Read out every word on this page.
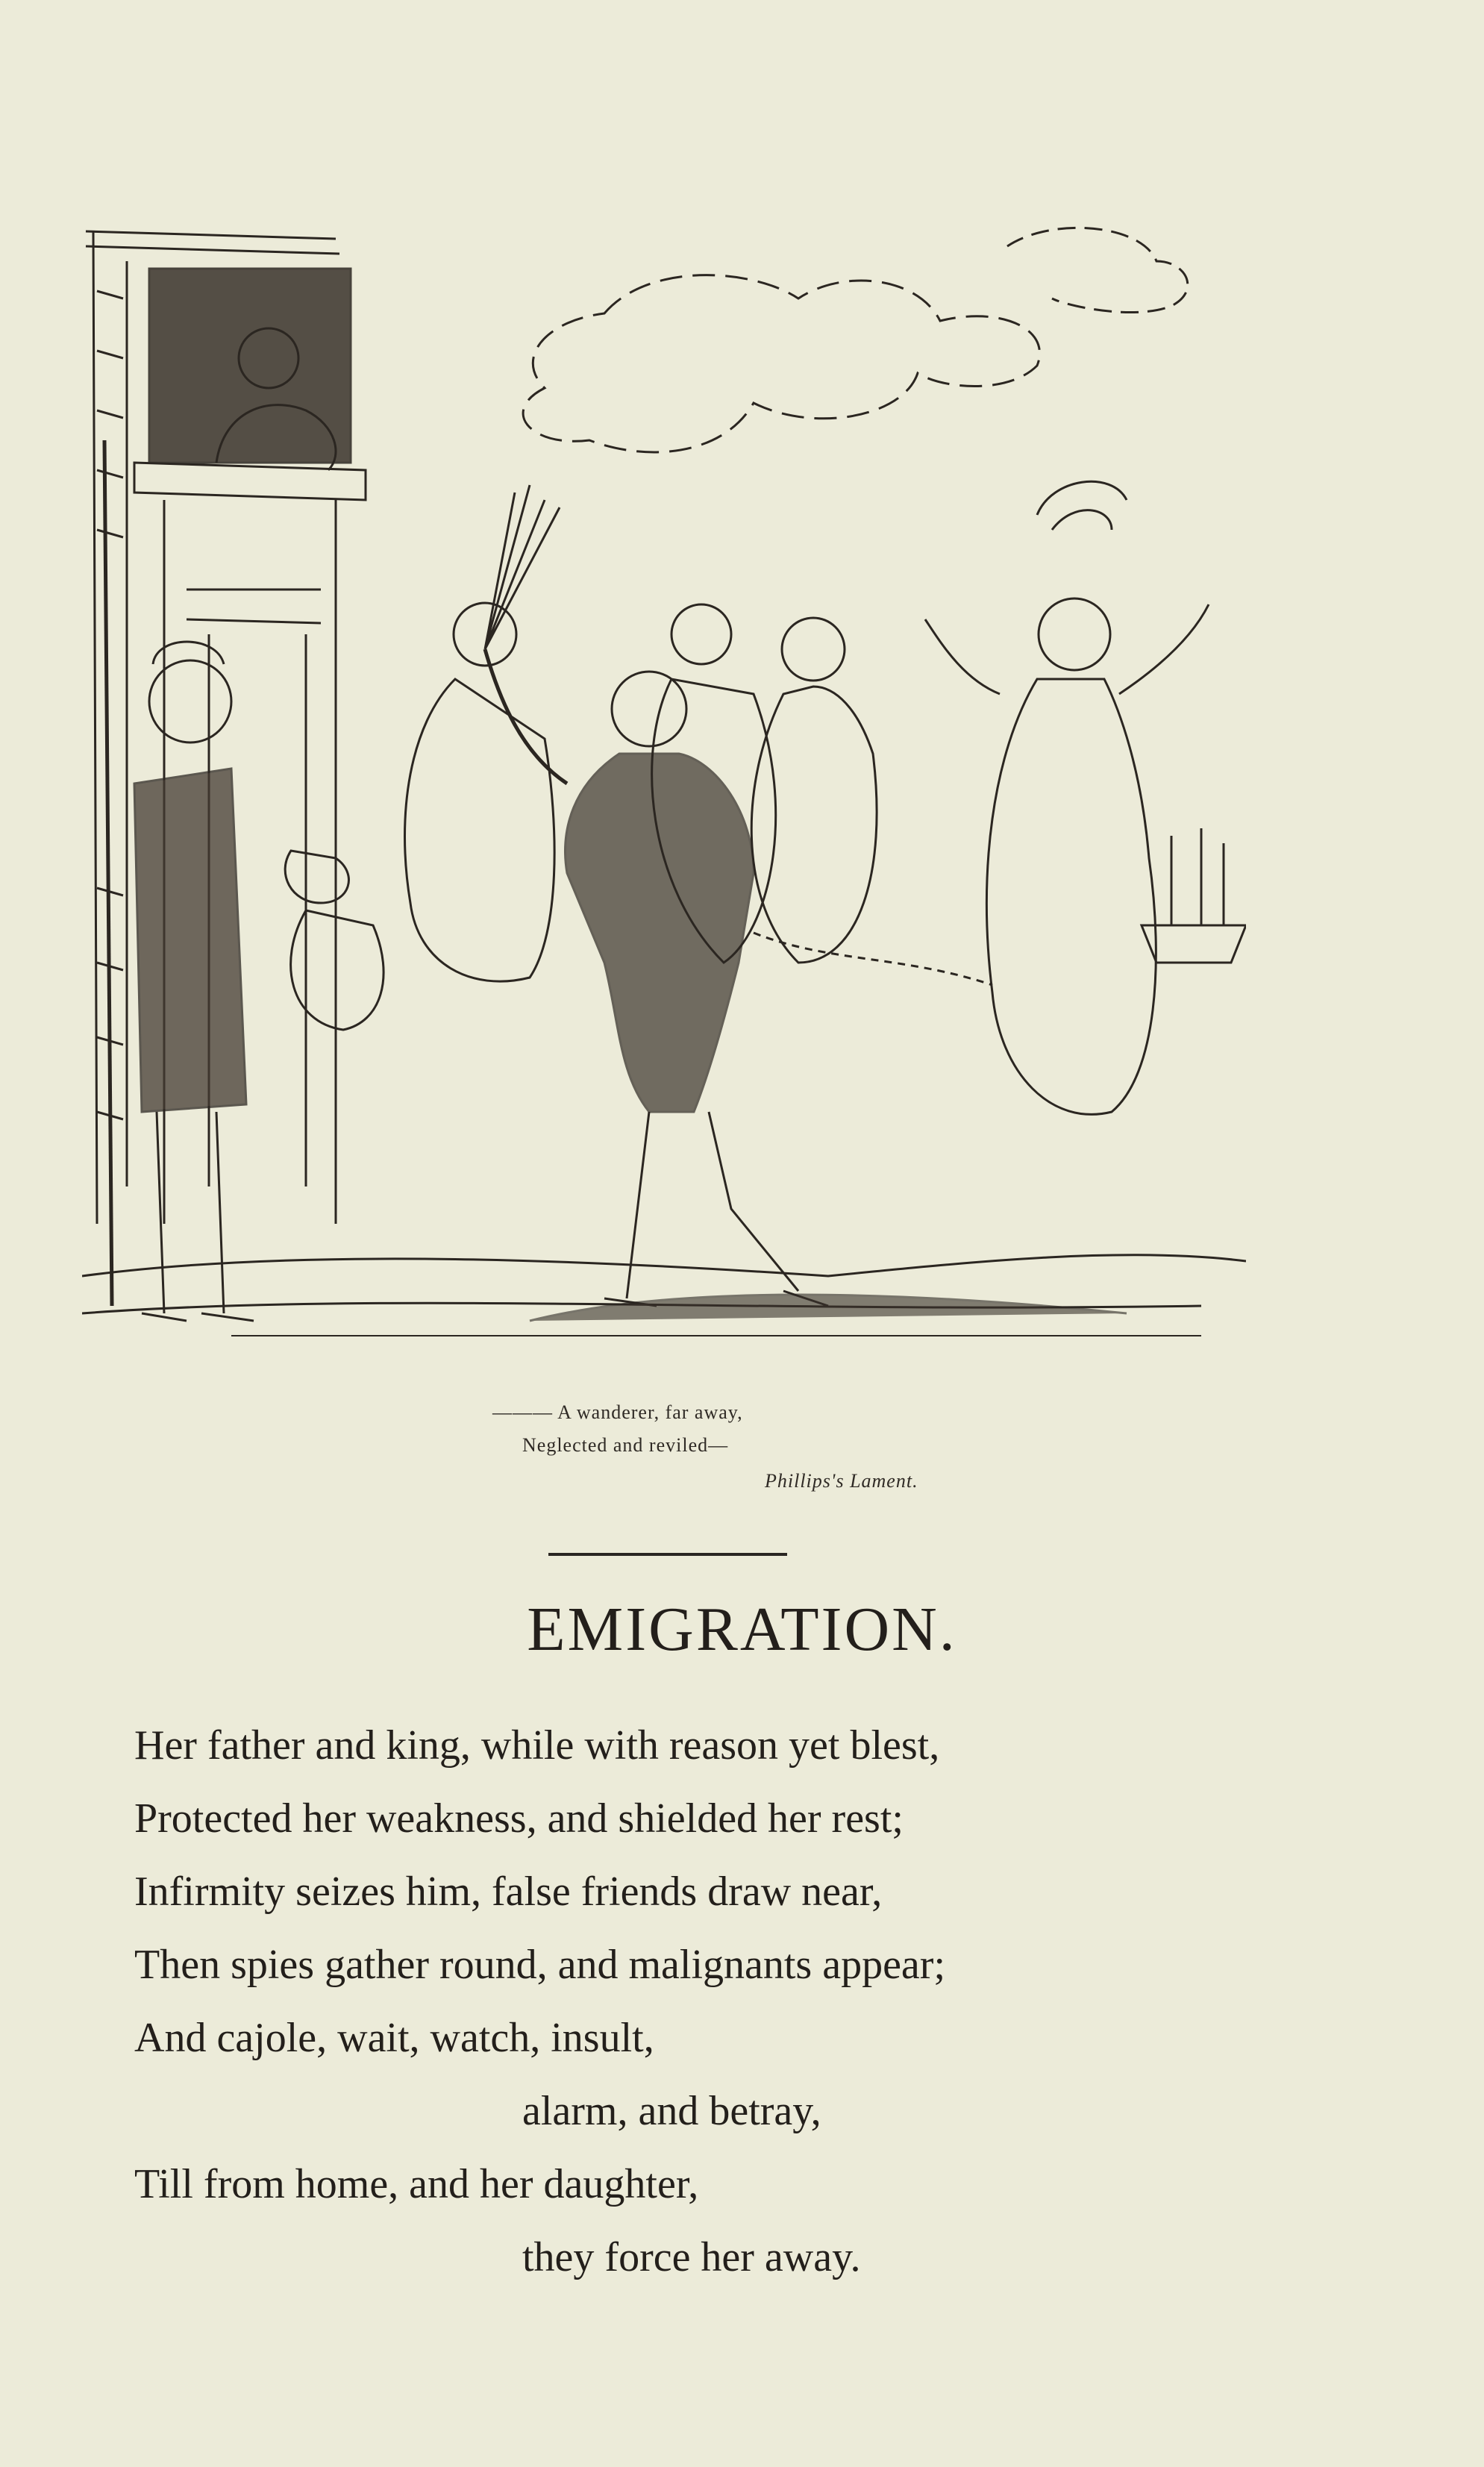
——— A wanderer, far away,
Neglected and reviled—
Phillips's Lament.
EMIGRATION.
Her father and king, while with reason yet blest,
Protected her weakness, and shielded her rest;
Infirmity seizes him, false friends draw near,
Then spies gather round, and malignants appear;
And cajole, wait, watch, insult,
alarm, and betray,
Till from home, and her daughter,
they force her away.
